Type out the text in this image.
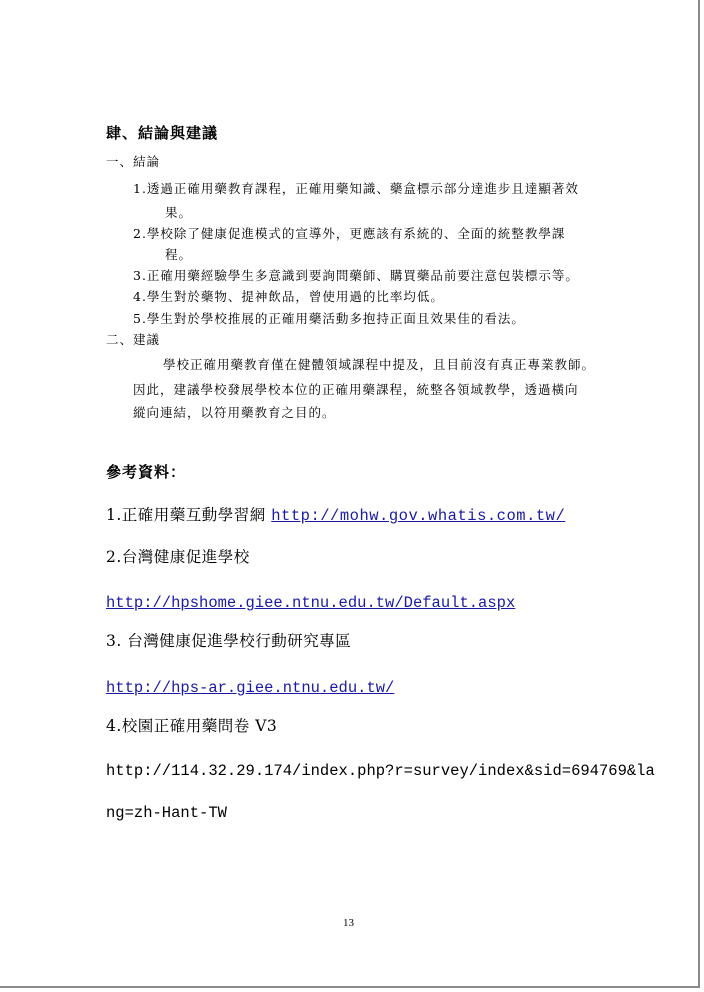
肆、結論與建議
一、結論
1.透過正確用藥教育課程，正確用藥知識、藥盒標示部分達進步且達顯著效
果。
2.學校除了健康促進模式的宣導外，更應該有系統的、全面的統整教學課
程。
3.正確用藥經驗學生多意識到要詢問藥師、購買藥品前要注意包裝標示等。
4.學生對於藥物、提神飲品，曾使用過的比率均低。
5.學生對於學校推展的正確用藥活動多抱持正面且效果佳的看法。
二、建議
學校正確用藥教育僅在健體領域課程中提及，且目前沒有真正專業教師。
因此，建議學校發展學校本位的正確用藥課程，統整各領域教學，透過橫向
縱向連結，以符用藥教育之目的。
參考資料：
1.正確用藥互動學習網 http://mohw.gov.whatis.com.tw/
2.台灣健康促進學校
http://hpshome.giee.ntnu.edu.tw/Default.aspx
3. 台灣健康促進學校行動研究專區
http://hps-ar.giee.ntnu.edu.tw/
4.校園正確用藥問卷 V3
http://114.32.29.174/index.php?r=survey/index&sid=694769&la
ng=zh-Hant-TW
13
